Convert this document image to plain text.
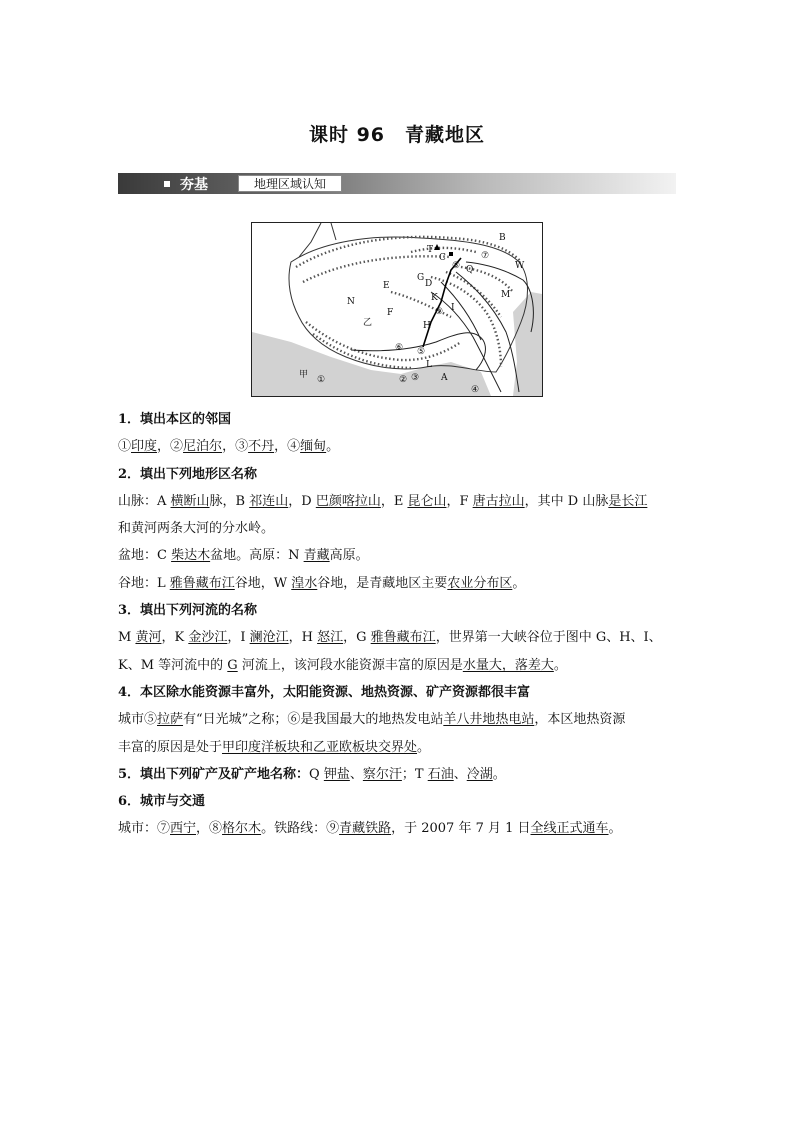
课时 96　青藏地区
夯基	地理区域认知
B
T
C
Q
D
E
N
乙
F
K
I
H
W
M
G
L
A
甲 ①	② ③
④
⑤
⑥
⑦
⑧
⑨

1．填出本区的邻国

①印度，②尼泊尔，③不丹，④缅甸。

2．填出下列地形区名称

山脉：A 横断山脉，B 祁连山，D 巴颜喀拉山，E 昆仑山，F 唐古拉山，其中 D 山脉是长江

和黄河两条大河的分水岭。

盆地：C 柴达木盆地。高原：N 青藏高原。

谷地：L 雅鲁藏布江谷地，W 湟水谷地，是青藏地区主要农业分布区。

3．填出下列河流的名称

M 黄河，K 金沙江，I 澜沧江，H 怒江，G 雅鲁藏布江，世界第一大峡谷位于图中 G、H、I、

K、M 等河流中的 G 河流上，该河段水能资源丰富的原因是水量大，落差大。

4．本区除水能资源丰富外，太阳能资源、地热资源、矿产资源都很丰富

城市⑤拉萨有“日光城”之称；⑥是我国最大的地热发电站羊八井地热电站，本区地热资源

丰富的原因是处于甲印度洋板块和乙亚欧板块交界处。

5．填出下列矿产及矿产地名称：Q 钾盐、察尔汗；T 石油、冷湖。

6．城市与交通

城市：⑦西宁，⑧格尔木。铁路线：⑨青藏铁路，于 2007 年 7 月 1 日全线正式通车。
